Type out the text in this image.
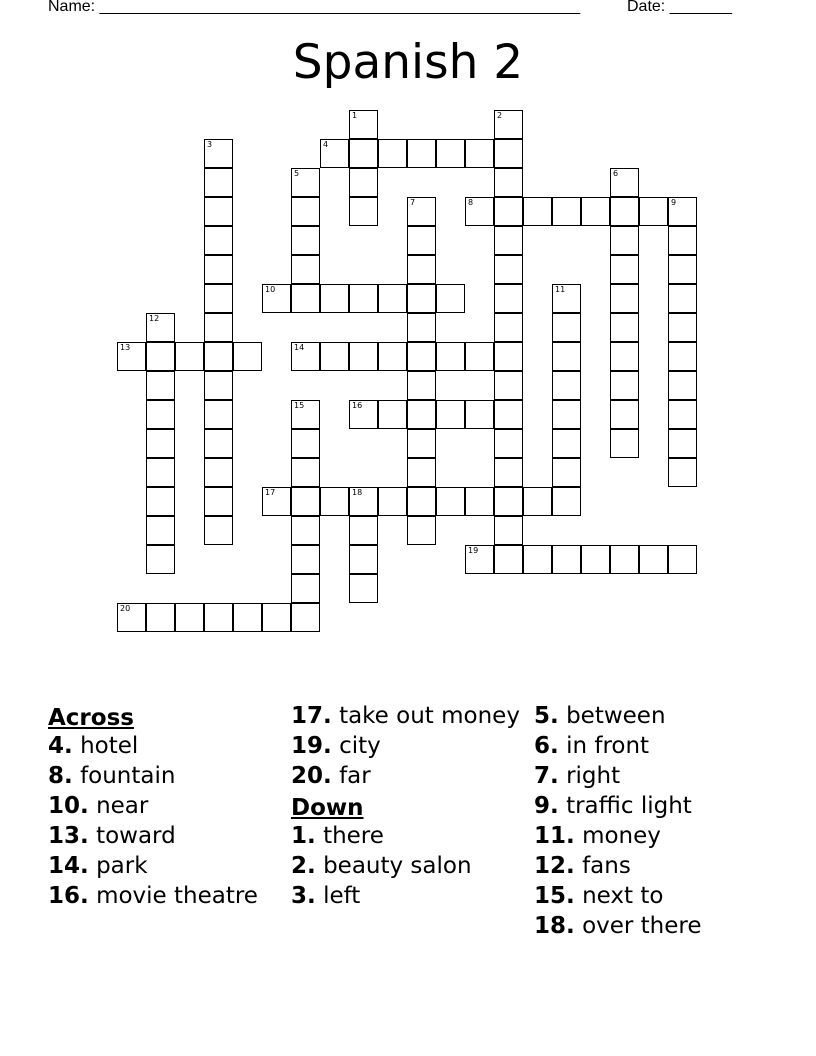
Name: ______________________________________________________	Date: _______
Spanish 2
1	2
3	4
5	6
7	8	9
10	11
12
13	14
15	16
17	18
19
20
Across
4. hotel
8. fountain
10. near
13. toward
14. park
16. movie theatre
17. take out money
19. city
20. far
Down
1. there
2. beauty salon
3. left
5. between
6. in front
7. right
9. traffic light
11. money
12. fans
15. next to
18. over there
